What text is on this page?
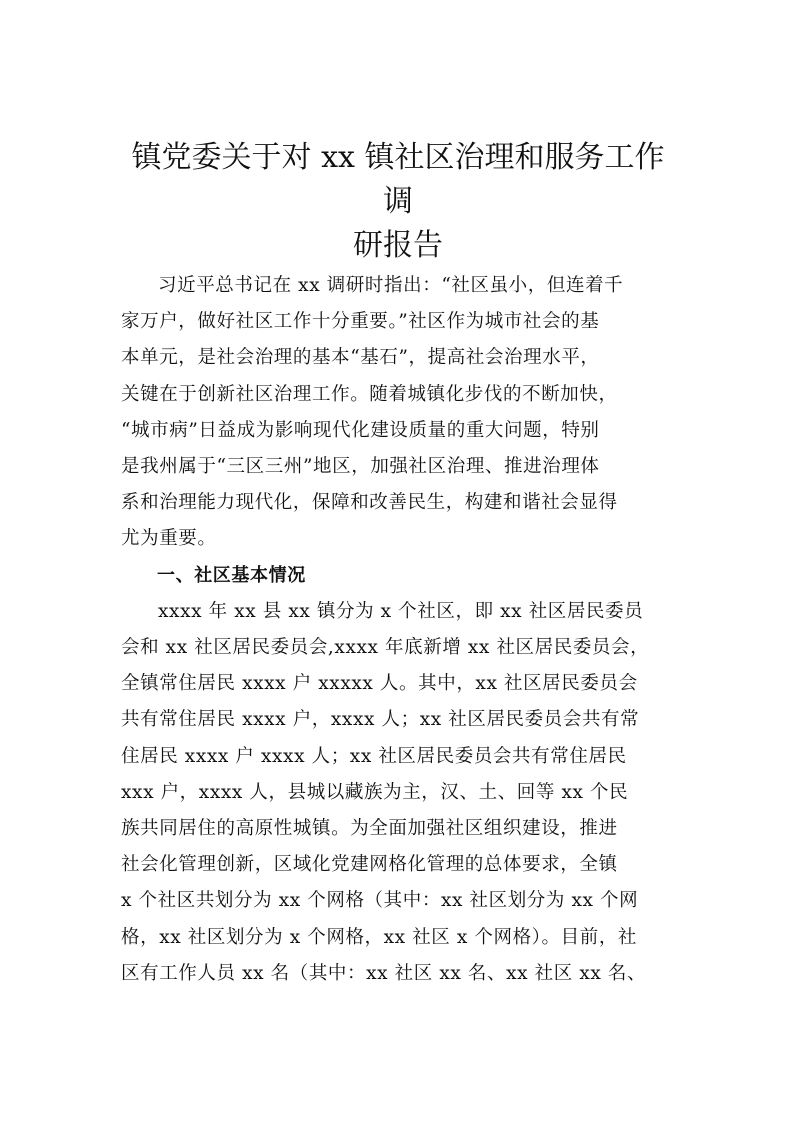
镇党委关于对 xx 镇社区治理和服务工作调
研报告
习近平总书记在 xx 调研时指出：“社区虽小，但连着千
家万户，做好社区工作十分重要。”社区作为城市社会的基
本单元，是社会治理的基本“基石”，提高社会治理水平，
关键在于创新社区治理工作。随着城镇化步伐的不断加快，
“城市病”日益成为影响现代化建设质量的重大问题，特别
是我州属于“三区三州”地区，加强社区治理、推进治理体
系和治理能力现代化，保障和改善民生，构建和谐社会显得
尤为重要。
一、社区基本情况
xxxx 年 xx 县 xx 镇分为 x 个社区，即 xx 社区居民委员
会和 xx 社区居民委员会,xxxx 年底新增 xx 社区居民委员会，
全镇常住居民 xxxx 户 xxxxx 人。其中，xx 社区居民委员会
共有常住居民 xxxx 户，xxxx 人；xx 社区居民委员会共有常
住居民 xxxx 户 xxxx 人；xx 社区居民委员会共有常住居民
xxx 户，xxxx 人，县城以藏族为主，汉、土、回等 xx 个民
族共同居住的高原性城镇。为全面加强社区组织建设，推进
社会化管理创新，区域化党建网格化管理的总体要求，全镇
x 个社区共划分为 xx 个网格（其中：xx 社区划分为 xx 个网
格，xx 社区划分为 x 个网格，xx 社区 x 个网格）。目前，社
区有工作人员 xx 名（其中：xx 社区 xx 名、xx 社区 xx 名、
